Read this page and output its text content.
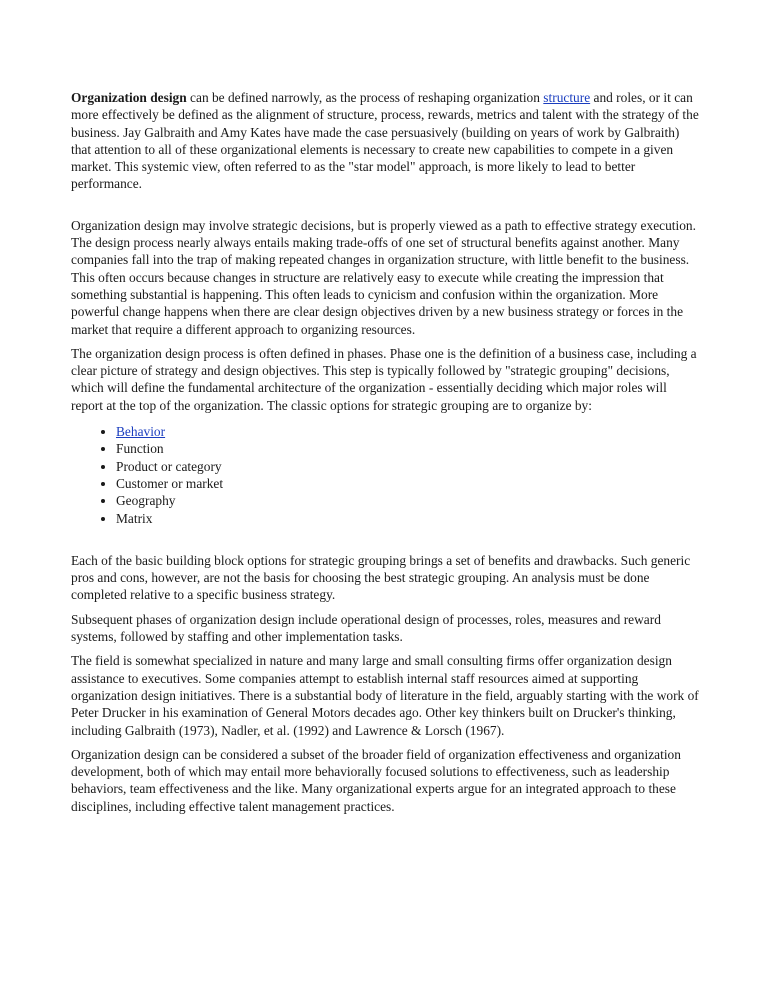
Organization design can be defined narrowly, as the process of reshaping organization structure and roles, or it can more effectively be defined as the alignment of structure, process, rewards, metrics and talent with the strategy of the business. Jay Galbraith and Amy Kates have made the case persuasively (building on years of work by Galbraith) that attention to all of these organizational elements is necessary to create new capabilities to compete in a given market. This systemic view, often referred to as the "star model" approach, is more likely to lead to better performance.

Organization design may involve strategic decisions, but is properly viewed as a path to effective strategy execution. The design process nearly always entails making trade-offs of one set of structural benefits against another. Many companies fall into the trap of making repeated changes in organization structure, with little benefit to the business. This often occurs because changes in structure are relatively easy to execute while creating the impression that something substantial is happening. This often leads to cynicism and confusion within the organization. More powerful change happens when there are clear design objectives driven by a new business strategy or forces in the market that require a different approach to organizing resources.

The organization design process is often defined in phases. Phase one is the definition of a business case, including a clear picture of strategy and design objectives. This step is typically followed by "strategic grouping" decisions, which will define the fundamental architecture of the organization - essentially deciding which major roles will report at the top of the organization. The classic options for strategic grouping are to organize by:

• Behavior
• Function
• Product or category
• Customer or market
• Geography
• Matrix

Each of the basic building block options for strategic grouping brings a set of benefits and drawbacks. Such generic pros and cons, however, are not the basis for choosing the best strategic grouping. An analysis must be done completed relative to a specific business strategy.

Subsequent phases of organization design include operational design of processes, roles, measures and reward systems, followed by staffing and other implementation tasks.

The field is somewhat specialized in nature and many large and small consulting firms offer organization design assistance to executives. Some companies attempt to establish internal staff resources aimed at supporting organization design initiatives. There is a substantial body of literature in the field, arguably starting with the work of Peter Drucker in his examination of General Motors decades ago. Other key thinkers built on Drucker's thinking, including Galbraith (1973), Nadler, et al. (1992) and Lawrence & Lorsch (1967).

Organization design can be considered a subset of the broader field of organization effectiveness and organization development, both of which may entail more behaviorally focused solutions to effectiveness, such as leadership behaviors, team effectiveness and the like. Many organizational experts argue for an integrated approach to these disciplines, including effective talent management practices.
